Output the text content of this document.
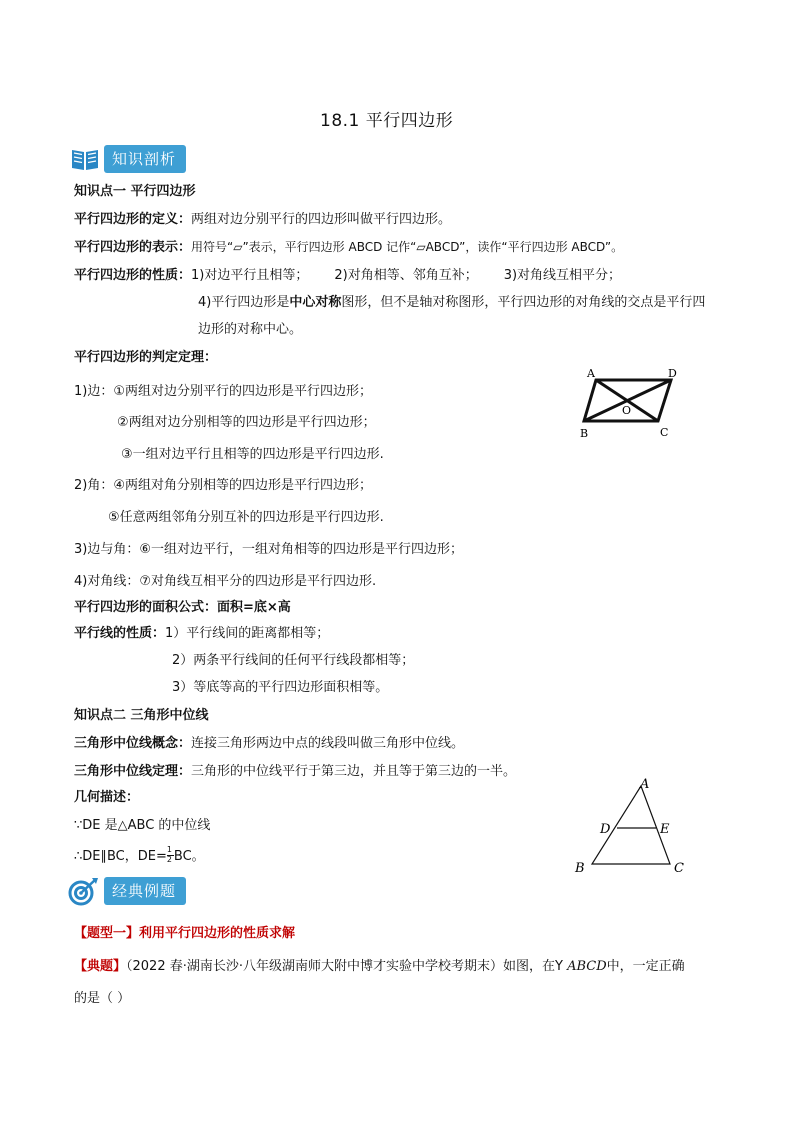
18.1 平行四边形
知识剖析
知识点一 平行四边形
平行四边形的定义：两组对边分别平行的四边形叫做平行四边形。
平行四边形的表示：用符号“▱”表示，平行四边形 ABCD 记作“▱ABCD”，读作“平行四边形 ABCD”。
平行四边形的性质：1)对边平行且相等； 2)对角相等、邻角互补； 3)对角线互相平分；
4)平行四边形是中心对称图形，但不是轴对称图形，平行四边形的对角线的交点是平行四
边形的对称中心。
平行四边形的判定定理：
1)边：①两组对边分别平行的四边形是平行四边形；
②两组对边分别相等的四边形是平行四边形；
③一组对边平行且相等的四边形是平行四边形.
2)角：④两组对角分别相等的四边形是平行四边形；
⑤任意两组邻角分别互补的四边形是平行四边形.
3)边与角：⑥一组对边平行，一组对角相等的四边形是平行四边形；
4)对角线：⑦对角线互相平分的四边形是平行四边形.
A	D
B	C
O
平行四边形的面积公式：面积=底×高
平行线的性质：1）平行线间的距离都相等；
2）两条平行线间的任何平行线段都相等；
3）等底等高的平行四边形面积相等。
知识点二 三角形中位线
三角形中位线概念：连接三角形两边中点的线段叫做三角形中位线。
三角形中位线定理：三角形的中位线平行于第三边，并且等于第三边的一半。
几何描述：
∵DE 是△ABC 的中位线
∴DE∥BC，$DE= \frac{1}{2}$ BC。
A
D	E
B	C
经典例题
【题型一】利用平行四边形的性质求解
【典题】（2022 春·湖南长沙·八年级湖南师大附中博才实验中学校考期末）如图，在Y ABCD中，一定正确
的是（ ）
